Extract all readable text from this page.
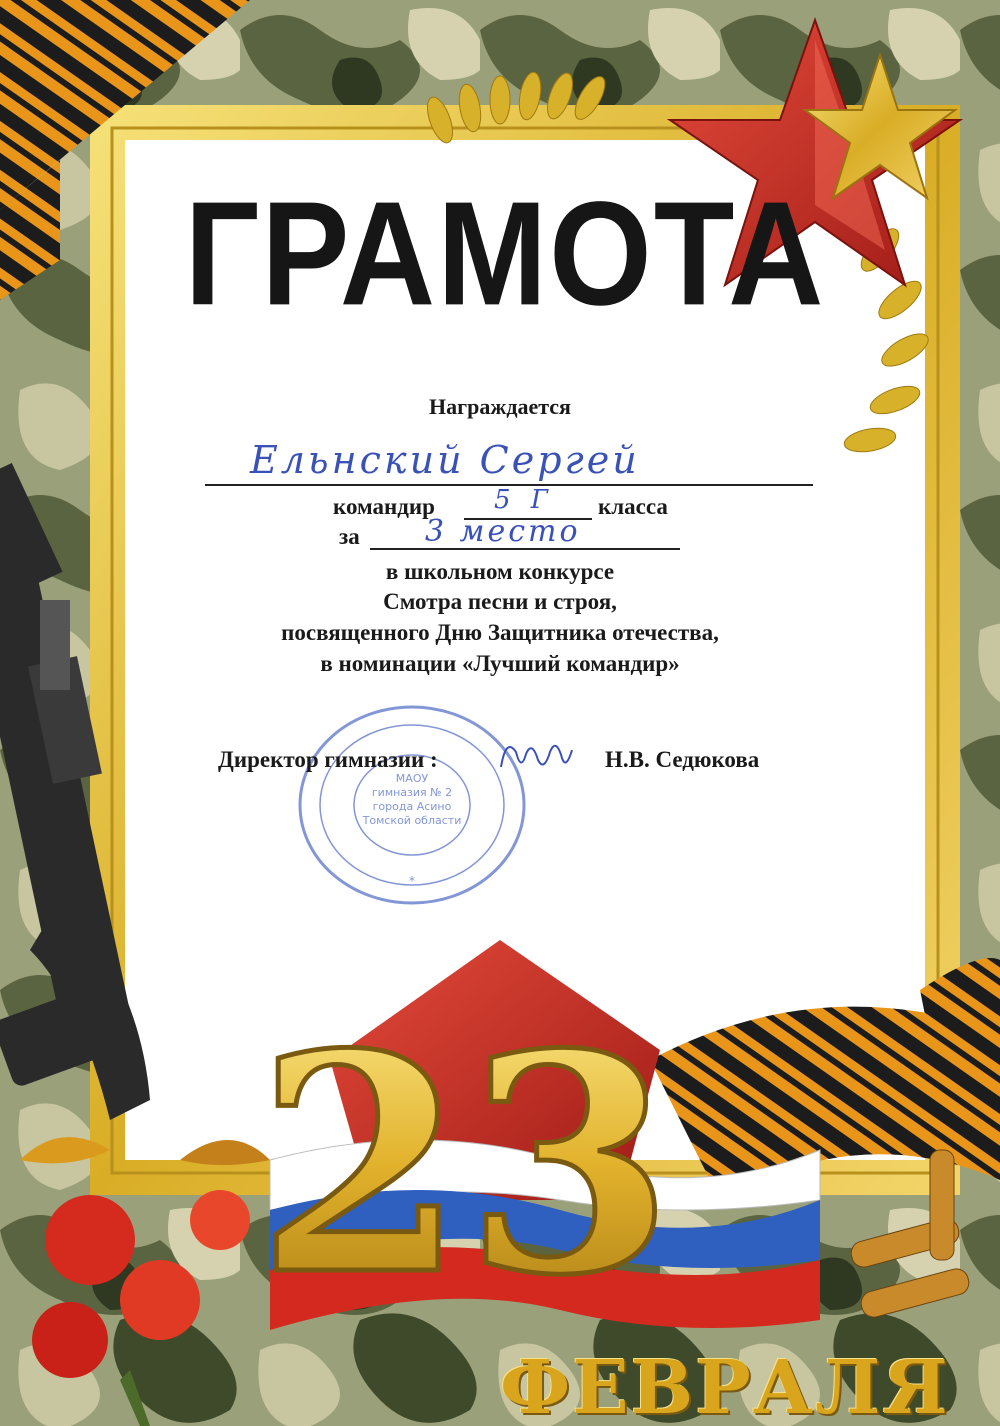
ГРАМОТА
Награждается
Ельнский Сергей
командир 5 Г класса
за 3 место
в школьном конкурсе
Смотра песни и строя,
посвященного Дню Защитника отечества,
в номинации «Лучший командир»
*
МАОУ
гимназия № 2
города Асино
Томской области
Директор гимназии :	Н.В. Седюкова
23
ФЕВРАЛЯ
